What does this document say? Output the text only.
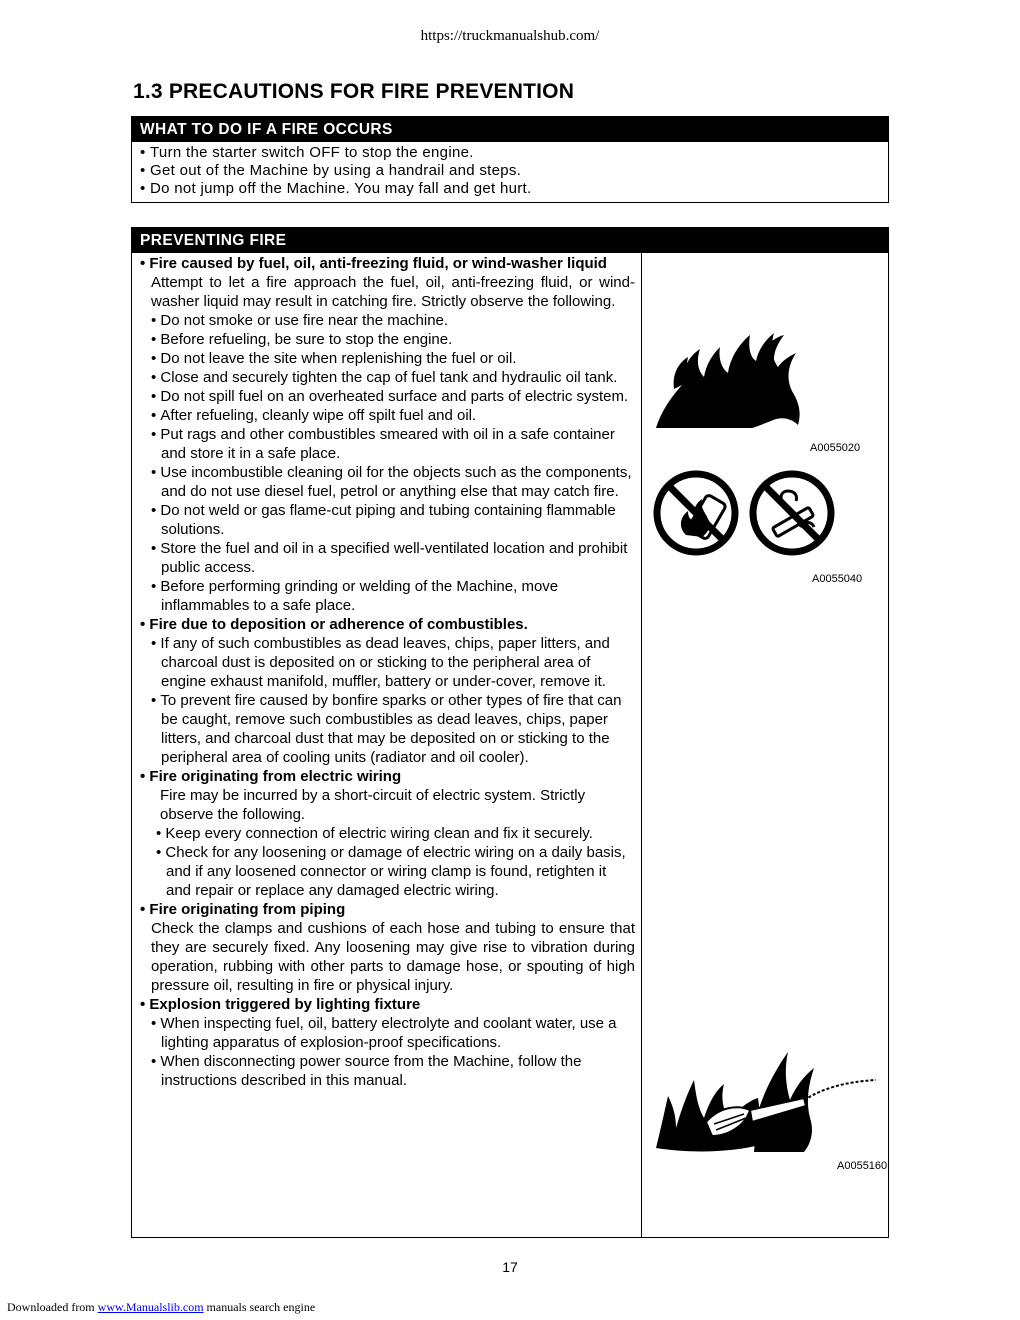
https://truckmanualshub.com/
1.3 PRECAUTIONS FOR FIRE PREVENTION
WHAT TO DO IF A FIRE OCCURS
• Turn the starter switch OFF to stop the engine.
• Get out of the Machine by using a handrail and steps.
• Do not jump off the Machine. You may fall and get hurt.
PREVENTING FIRE
• Fire caused by fuel, oil, anti-freezing fluid, or wind-washer liquid
Attempt to let a fire approach the fuel, oil, anti-freezing fluid, or wind-washer liquid may result in catching fire. Strictly observe the following.
• Do not smoke or use fire near the machine.
• Before refueling, be sure to stop the engine.
• Do not leave the site when replenishing the fuel or oil.
• Close and securely tighten the cap of fuel tank and hydraulic oil tank.
• Do not spill fuel on an overheated surface and parts of electric system.
• After refueling, cleanly wipe off spilt fuel and oil.
• Put rags and other combustibles smeared with oil in a safe container and store it in a safe place.
• Use incombustible cleaning oil for the objects such as the components, and do not use diesel fuel, petrol or anything else that may catch fire.
• Do not weld or gas flame-cut piping and tubing containing flammable solutions.
• Store the fuel and oil in a specified well-ventilated location and prohibit public access.
• Before performing grinding or welding of the Machine, move inflammables to a safe place.
• Fire due to deposition or adherence of combustibles.
• If any of such combustibles as dead leaves, chips, paper litters, and charcoal dust is deposited on or sticking to the peripheral area of engine exhaust manifold, muffler, battery or under-cover, remove it.
• To prevent fire caused by bonfire sparks or other types of fire that can be caught, remove such combustibles as dead leaves, chips, paper litters, and charcoal dust that may be deposited on or sticking to the peripheral area of cooling units (radiator and oil cooler).
• Fire originating from electric wiring
Fire may be incurred by a short-circuit of electric system. Strictly observe the following.
• Keep every connection of electric wiring clean and fix it securely.
• Check for any loosening or damage of electric wiring on a daily basis, and if any loosened connector or wiring clamp is found, retighten it and repair or replace any damaged electric wiring.
• Fire originating from piping
Check the clamps and cushions of each hose and tubing to ensure that they are securely fixed. Any loosening may give rise to vibration during operation, rubbing with other parts to damage hose, or spouting of high pressure oil, resulting in fire or physical injury.
• Explosion triggered by lighting fixture
• When inspecting fuel, oil, battery electrolyte and coolant water, use a lighting apparatus of explosion-proof specifications.
• When disconnecting power source from the Machine, follow the instructions described in this manual.
A0055020
A0055040
A0055160
17
Downloaded from www.Manualslib.com manuals search engine
